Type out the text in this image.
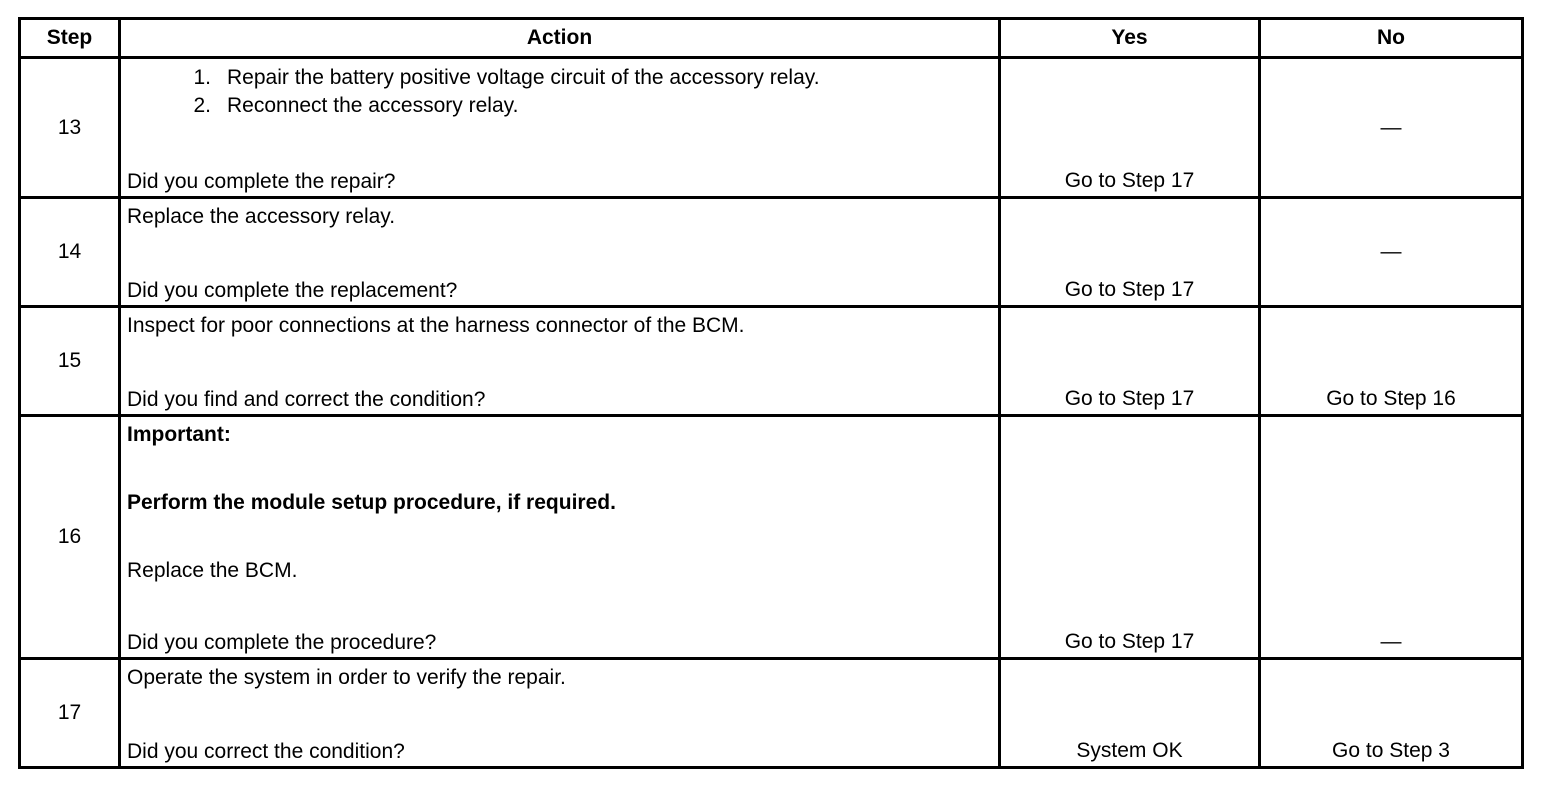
Step	Action	Yes	No
13	1. Repair the battery positive voltage circuit of the accessory relay.
2. Reconnect the accessory relay.
Did you complete the repair?	Go to Step 17	—

14	Replace the accessory relay.
Did you complete the replacement?	Go to Step 17	—

15	Inspect for poor connections at the harness connector of the BCM.
Did you find and correct the condition?	Go to Step 17	Go to Step 16

16	Important:
Perform the module setup procedure, if required.
Replace the BCM.
Did you complete the procedure?	Go to Step 17	—

17	Operate the system in order to verify the repair.
Did you correct the condition?	System OK	Go to Step 3
